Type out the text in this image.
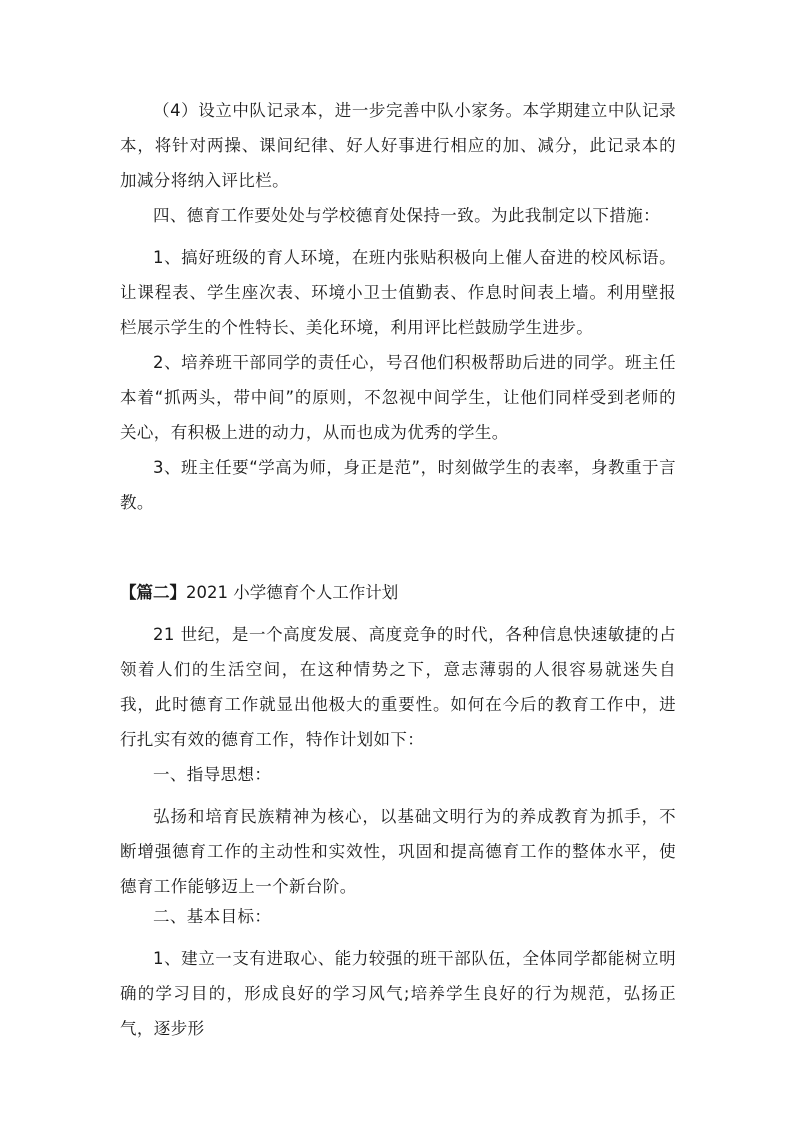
（4）设立中队记录本，进一步完善中队小家务。本学期建立中队记录本，将针对两操、课间纪律、好人好事进行相应的加、减分，此记录本的加减分将纳入评比栏。

四、德育工作要处处与学校德育处保持一致。为此我制定以下措施：

1、搞好班级的育人环境，在班内张贴积极向上催人奋进的校风标语。让课程表、学生座次表、环境小卫士值勤表、作息时间表上墙。利用壁报栏展示学生的个性特长、美化环境，利用评比栏鼓励学生进步。

2、培养班干部同学的责任心，号召他们积极帮助后进的同学。班主任本着“抓两头，带中间”的原则，不忽视中间学生，让他们同样受到老师的关心，有积极上进的动力，从而也成为优秀的学生。

3、班主任要“学高为师，身正是范”，时刻做学生的表率，身教重于言教。

【篇二】2021 小学德育个人工作计划

21 世纪，是一个高度发展、高度竞争的时代，各种信息快速敏捷的占领着人们的生活空间，在这种情势之下，意志薄弱的人很容易就迷失自我，此时德育工作就显出他极大的重要性。如何在今后的教育工作中，进行扎实有效的德育工作，特作计划如下：

一、指导思想：

弘扬和培育民族精神为核心，以基础文明行为的养成教育为抓手，不断增强德育工作的主动性和实效性，巩固和提高德育工作的整体水平，使德育工作能够迈上一个新台阶。

二、基本目标：

1、建立一支有进取心、能力较强的班干部队伍，全体同学都能树立明确的学习目的，形成良好的学习风气;培养学生良好的行为规范，弘扬正气，逐步形
